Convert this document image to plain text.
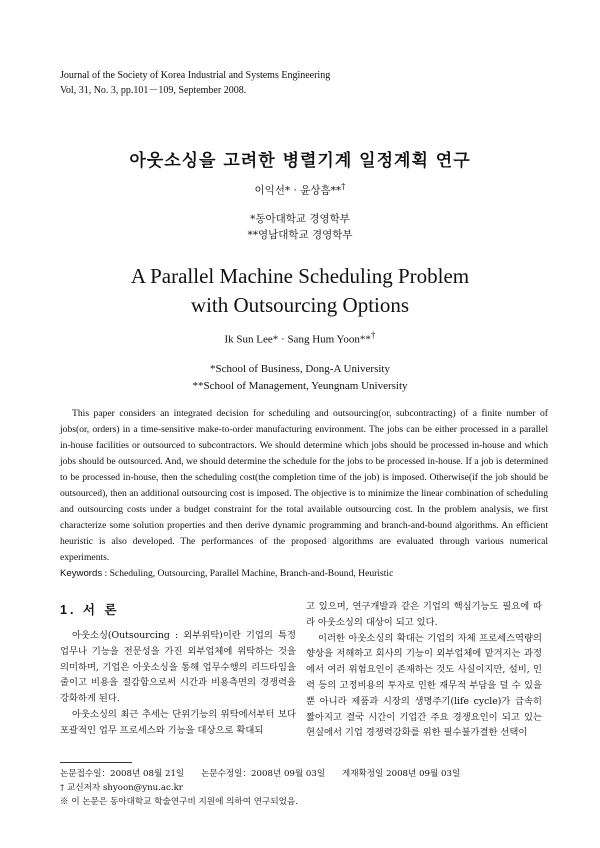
Journal of the Society of Korea Industrial and Systems Engineering
Vol, 31, No. 3, pp.101－109, September 2008.
아웃소싱을 고려한 병렬기계 일정계획 연구
이익선* · 윤상흠**†
*동아대학교 경영학부
**영남대학교 경영학부
A Parallel Machine Scheduling Problem
with Outsourcing Options
Ik Sun Lee* · Sang Hum Yoon**†
*School of Business, Dong-A University
**School of Management, Yeungnam University

This paper considers an integrated decision for scheduling and outsourcing(or, subcontracting) of a finite number of jobs(or, orders) in a time-sensitive make-to-order manufacturing environment. The jobs can be either processed in a parallel in-house facilities or outsourced to subcontractors. We should determine which jobs should be processed in-house and which jobs should be outsourced. And, we should determine the schedule for the jobs to be processed in-house. If a job is determined to be processed in-house, then the scheduling cost(the completion time of the job) is imposed. Otherwise(if the job should be outsourced), then an additional outsourcing cost is imposed. The objective is to minimize the linear combination of scheduling and outsourcing costs under a budget constraint for the total available outsourcing cost. In the problem analysis, we first characterize some solution properties and then derive dynamic programming and branch-and-bound algorithms. An efficient heuristic is also developed. The performances of the proposed algorithms are evaluated through various numerical experiments.

Keywords : Scheduling, Outsourcing, Parallel Machine, Branch-and-Bound, Heuristic
1. 서 론

아웃소싱(Outsourcing : 외부위탁)이란 기업의 특정업무나 기능을 전문성을 가진 외부업체에 위탁하는 것을 의미하며, 기업은 아웃소싱을 통해 업무수행의 리드타임을 줄이고 비용을 절감함으로써 시간과 비용측면의 경쟁력을 강화하게 된다.

아웃소싱의 최근 추세는 단위기능의 위탁에서부터 보다 포괄적인 업무 프로세스와 기능을 대상으로 확대되

고 있으며, 연구개발과 같은 기업의 핵심기능도 필요에 따라 아웃소싱의 대상이 되고 있다.

이러한 아웃소싱의 확대는 기업의 자체 프로세스역량의 향상을 저해하고 회사의 기능이 외부업체에 맡겨지는 과정에서 여러 위험요인이 존재하는 것도 사실이지만, 설비, 인력 등의 고정비용의 투자로 인한 재무적 부담을 덜 수 있을 뿐 아니라 제품과 시장의 생명주기(life cycle)가 급속히 짧아지고 결국 시간이 기업간 주요 경쟁요인이 되고 있는 현실에서 기업 경쟁력강화를 위한 필수불가결한 선택이

논문접수일：2008년 08월 21일 논문수정일：2008년 09월 03일 게재확정일 2008년 09월 03일
† 교신저자 shyoon@ynu.ac.kr
※ 이 논문은 동아대학교 학술연구비 지원에 의하여 연구되었음.
